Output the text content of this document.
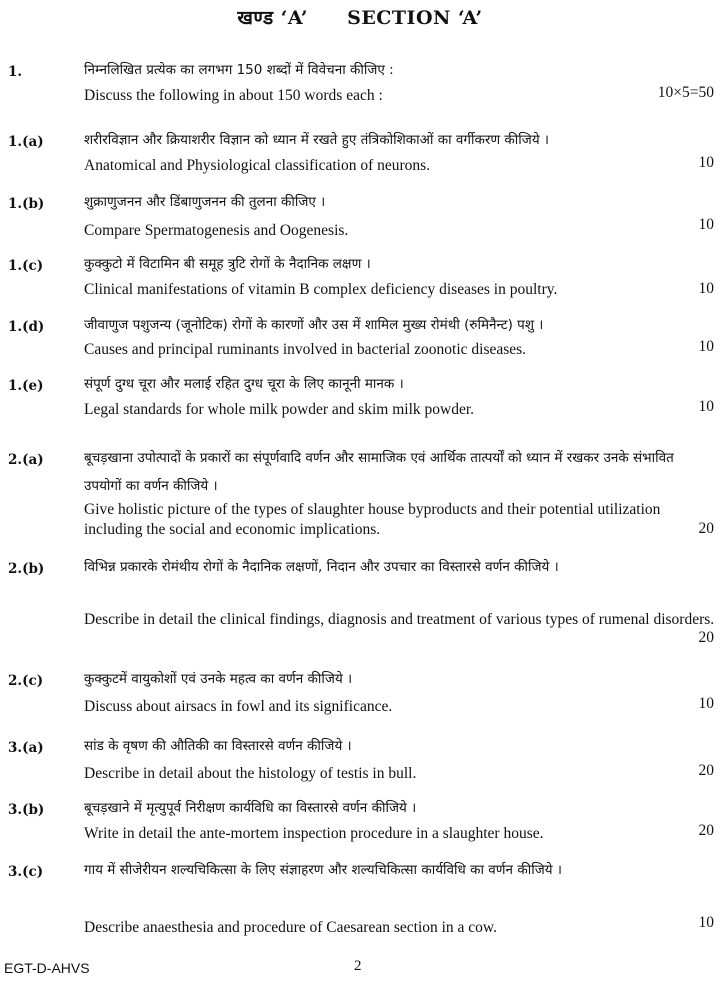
खण्ड ‘A’ SECTION ‘A’
1.	निम्नलिखित प्रत्येक का लगभग 150 शब्दों में विवेचना कीजिए :
Discuss the following in about 150 words each :	10×5=50
1.(a)	शरीरविज्ञान और क्रियाशरीर विज्ञान को ध्यान में रखते हुए तंत्रिकोशिकाओं का वर्गीकरण कीजिये ।
Anatomical and Physiological classification of neurons.	10
1.(b)	शुक्राणुजनन और डिंबाणुजनन की तुलना कीजिए ।
Compare Spermatogenesis and Oogenesis.	10
1.(c)	कुक्कुटो में विटामिन बी समूह त्रुटि रोगों के नैदानिक लक्षण ।
Clinical manifestations of vitamin B complex deficiency diseases in poultry.	10
1.(d)	जीवाणुज पशुजन्य (जूनोटिक) रोगों के कारणों और उस में शामिल मुख्य रोमंथी (रुमिनैन्ट) पशु ।
Causes and principal ruminants involved in bacterial zoonotic diseases.	10
1.(e)	संपूर्ण दुग्ध चूरा और मलाई रहित दुग्ध चूरा के लिए कानूनी मानक ।
Legal standards for whole milk powder and skim milk powder.	10
2.(a)	बूचड़खाना उपोत्पादों के प्रकारों का संपूर्णवादि वर्णन और सामाजिक एवं आर्थिक तात्पर्यों को ध्यान में रखकर उनके संभावित उपयोगों का वर्णन कीजिये ।
Give holistic picture of the types of slaughter house byproducts and their potential utilization including the social and economic implications.	20
2.(b)	विभिन्न प्रकारके रोमंथीय रोगों के नैदानिक लक्षणों, निदान और उपचार का विस्तारसे वर्णन कीजिये ।
Describe in detail the clinical findings, diagnosis and treatment of various types of rumenal disorders.
20
2.(c)	कुक्कुटमें वायुकोशों एवं उनके महत्व का वर्णन कीजिये ।
Discuss about airsacs in fowl and its significance.	10
3.(a)	सांड के वृषण की औतिकी का विस्तारसे वर्णन कीजिये ।
Describe in detail about the histology of testis in bull.	20
3.(b)	बूचड़खाने में मृत्युपूर्व निरीक्षण कार्यविधि का विस्तारसे वर्णन कीजिये ।
Write in detail the ante-mortem inspection procedure in a slaughter house.	20
3.(c)	गाय में सीजेरीयन शल्यचिकित्सा के लिए संज्ञाहरण और शल्यचिकित्सा कार्यविधि का वर्णन कीजिये ।
Describe anaesthesia and procedure of Caesarean section in a cow.	10
EGT-D-AHVS	2
